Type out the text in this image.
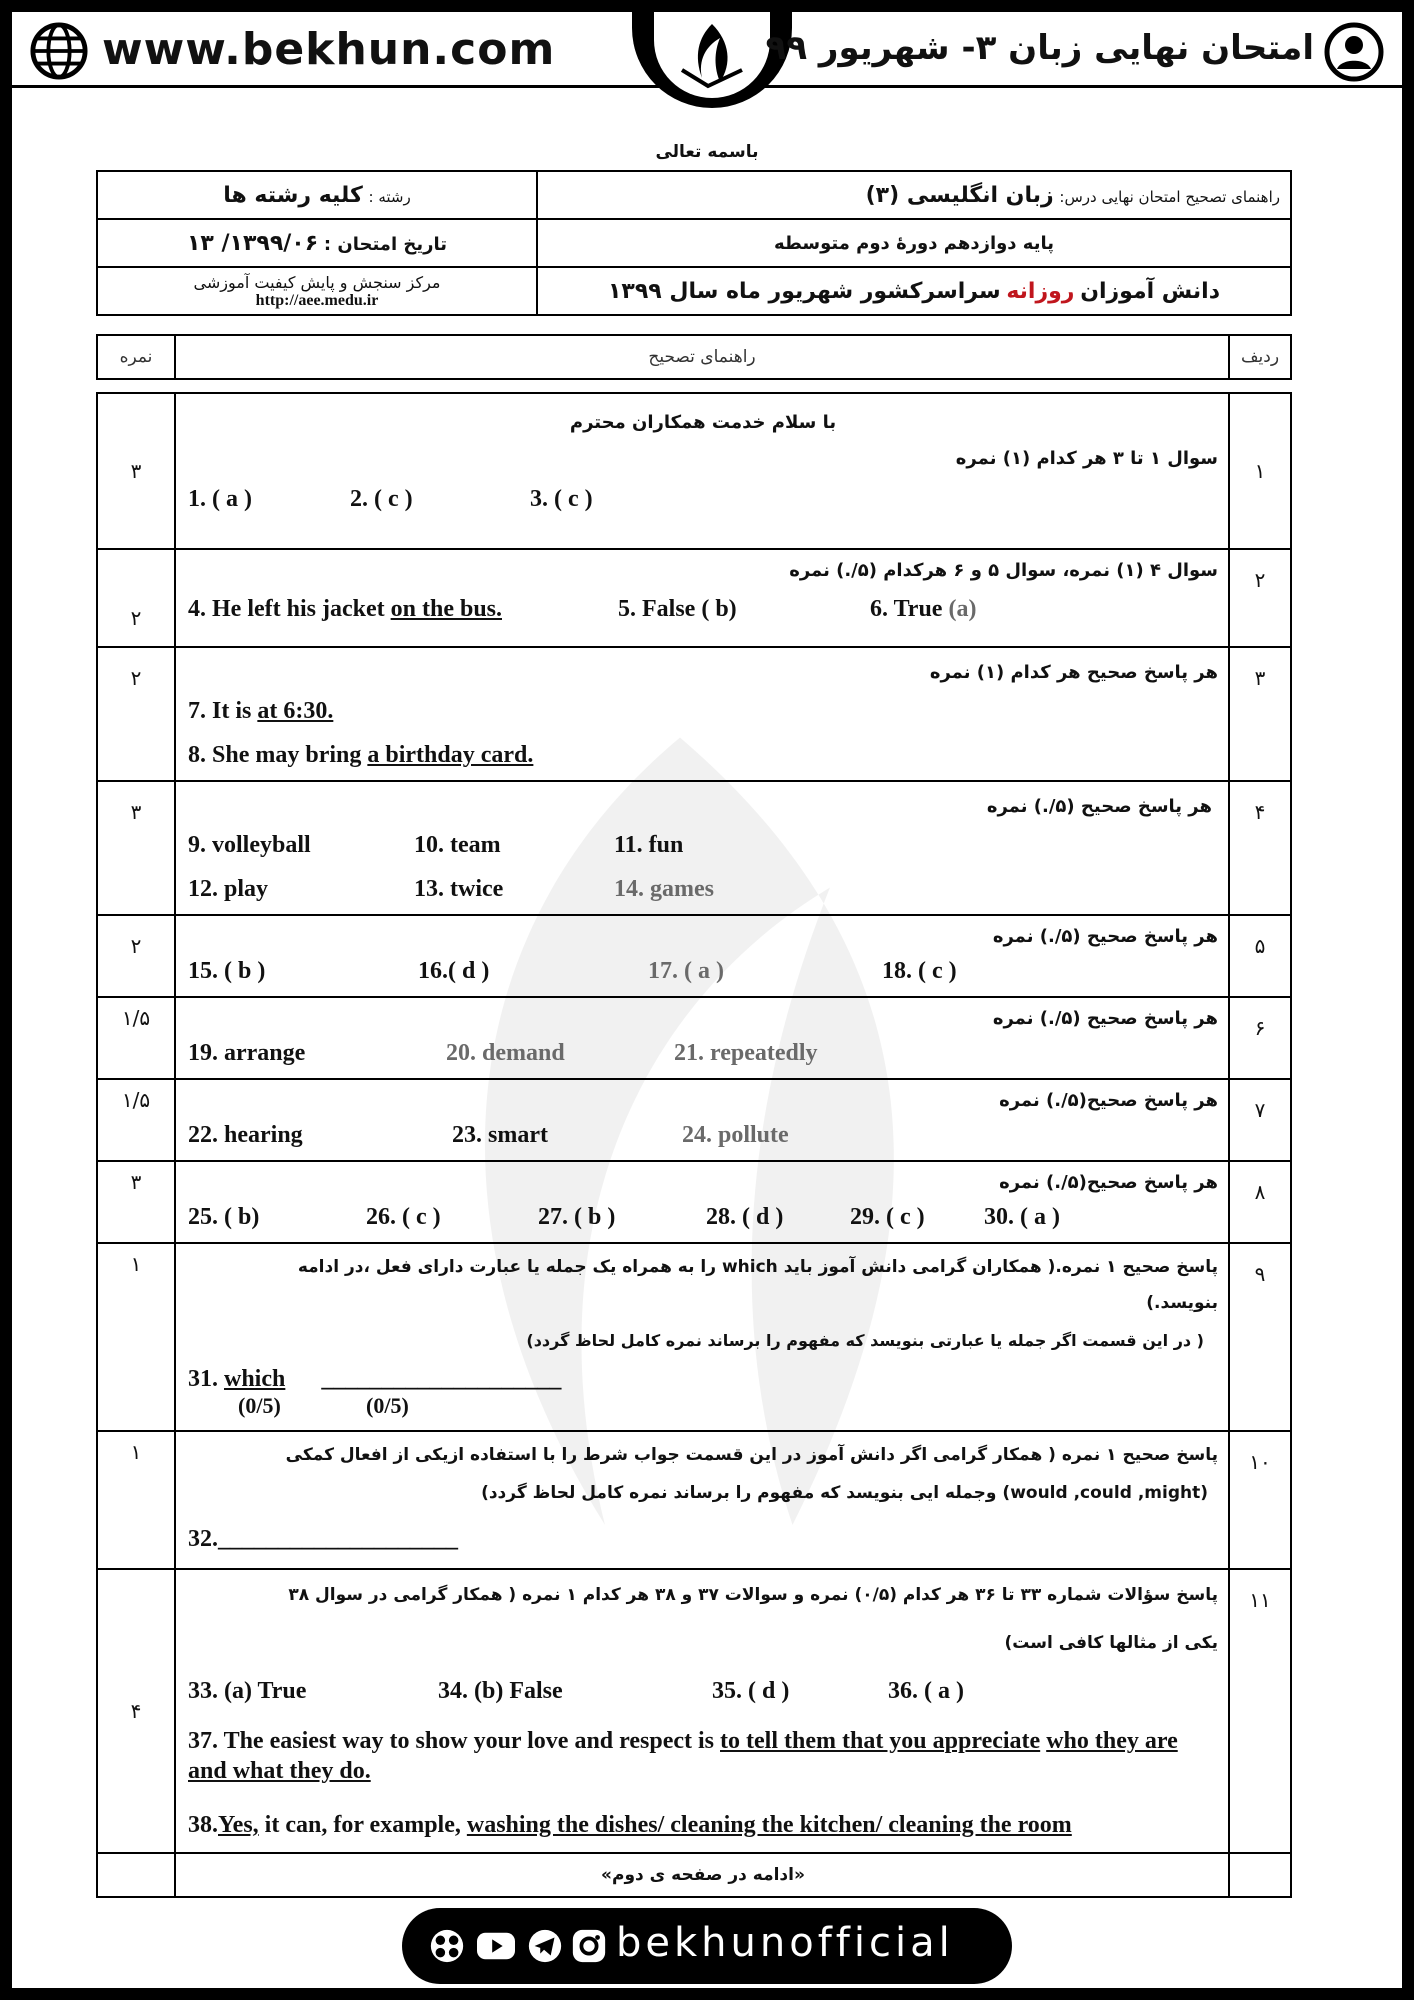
www.bekhun.com	امتحان نهایی زبان ۳- شهریور ۹۹
باسمه تعالی
راهنمای تصحیح امتحان نهایی درس: زبان انگلیسی (۳)	رشته : کلیه رشته ها
پایه دوازدهم دورهٔ دوم متوسطه	تاریخ امتحان : ۱۳۹۹/۰۶/ ۱۳
دانش آموزان روزانه سراسرکشور شهریور ماه سال ۱۳۹۹	مرکز سنجش و پایش کیفیت آموزشی
http://aee.medu.ir
ردیف	راهنمای تصحیح	نمره
۱	با سلام خدمت همکاران محترم
سوال ۱ تا ۳ هر کدام (۱) نمره
1. ( a ) 2. ( c ) 3. ( c )	۳
۲	سوال ۴ (۱) نمره، سوال ۵ و ۶ هرکدام (۵/.) نمره
4. He left his jacket on the bus. 5. False ( b) 6. True (a)	۲
۳	هر پاسخ صحیح هر کدام (۱) نمره
7. It is at 6:30.
8. She may bring a birthday card.	۲
۴	هر پاسخ صحیح (۵/.) نمره
9. volleyball 10. team 11. fun
12. play 13. twice 14. games	۳
۵	هر پاسخ صحیح (۵/.) نمره
15. ( b ) 16.( d ) 17. ( a ) 18. ( c )	۲
۶	هر پاسخ صحیح (۵/.) نمره
19. arrange 20. demand 21. repeatedly	۱/۵
۷	هر پاسخ صحیح(۵/.) نمره
22. hearing 23. smart 24. pollute	۱/۵
۸	هر پاسخ صحیح(۵/.) نمره
25. ( b) 26. ( c ) 27. ( b ) 28. ( d ) 29. ( c ) 30. ( a )	۳
۹	پاسخ صحیح ۱ نمره.( همکاران گرامی دانش آموز باید which را به همراه یک جمله یا عبارت دارای فعل ،در ادامه
بنویسد.)
( در این قسمت اگر جمله یا عبارتی بنویسد که مفهوم را برساند نمره کامل لحاظ گردد)
31. which ____________________
(0/5) (0/5)	۱
۱۰	پاسخ صحیح ۱ نمره ( همکار گرامی اگر دانش آموز در این قسمت جواب شرط را با استفاده ازیکی از افعال کمکی
(would ,could ,might) وجمله ایی بنویسد که مفهوم را برساند نمره کامل لحاظ گردد)
32.____________________	۱
۱۱	پاسخ سؤالات شماره ۳۳ تا ۳۶ هر کدام (۰/۵) نمره و سوالات ۳۷ و ۳۸ هر کدام ۱ نمره ( همکار گرامی در سوال ۳۸
یکی از مثالها کافی است)
33. (a) True 34. (b) False 35. ( d ) 36. ( a )
37. The easiest way to show your love and respect is to tell them that you appreciate who they are and what they do.
38.Yes, it can, for example, washing the dishes/ cleaning the kitchen/ cleaning the room	۴

	«ادامه در صفحه ی دوم»	

bekhunofficial
